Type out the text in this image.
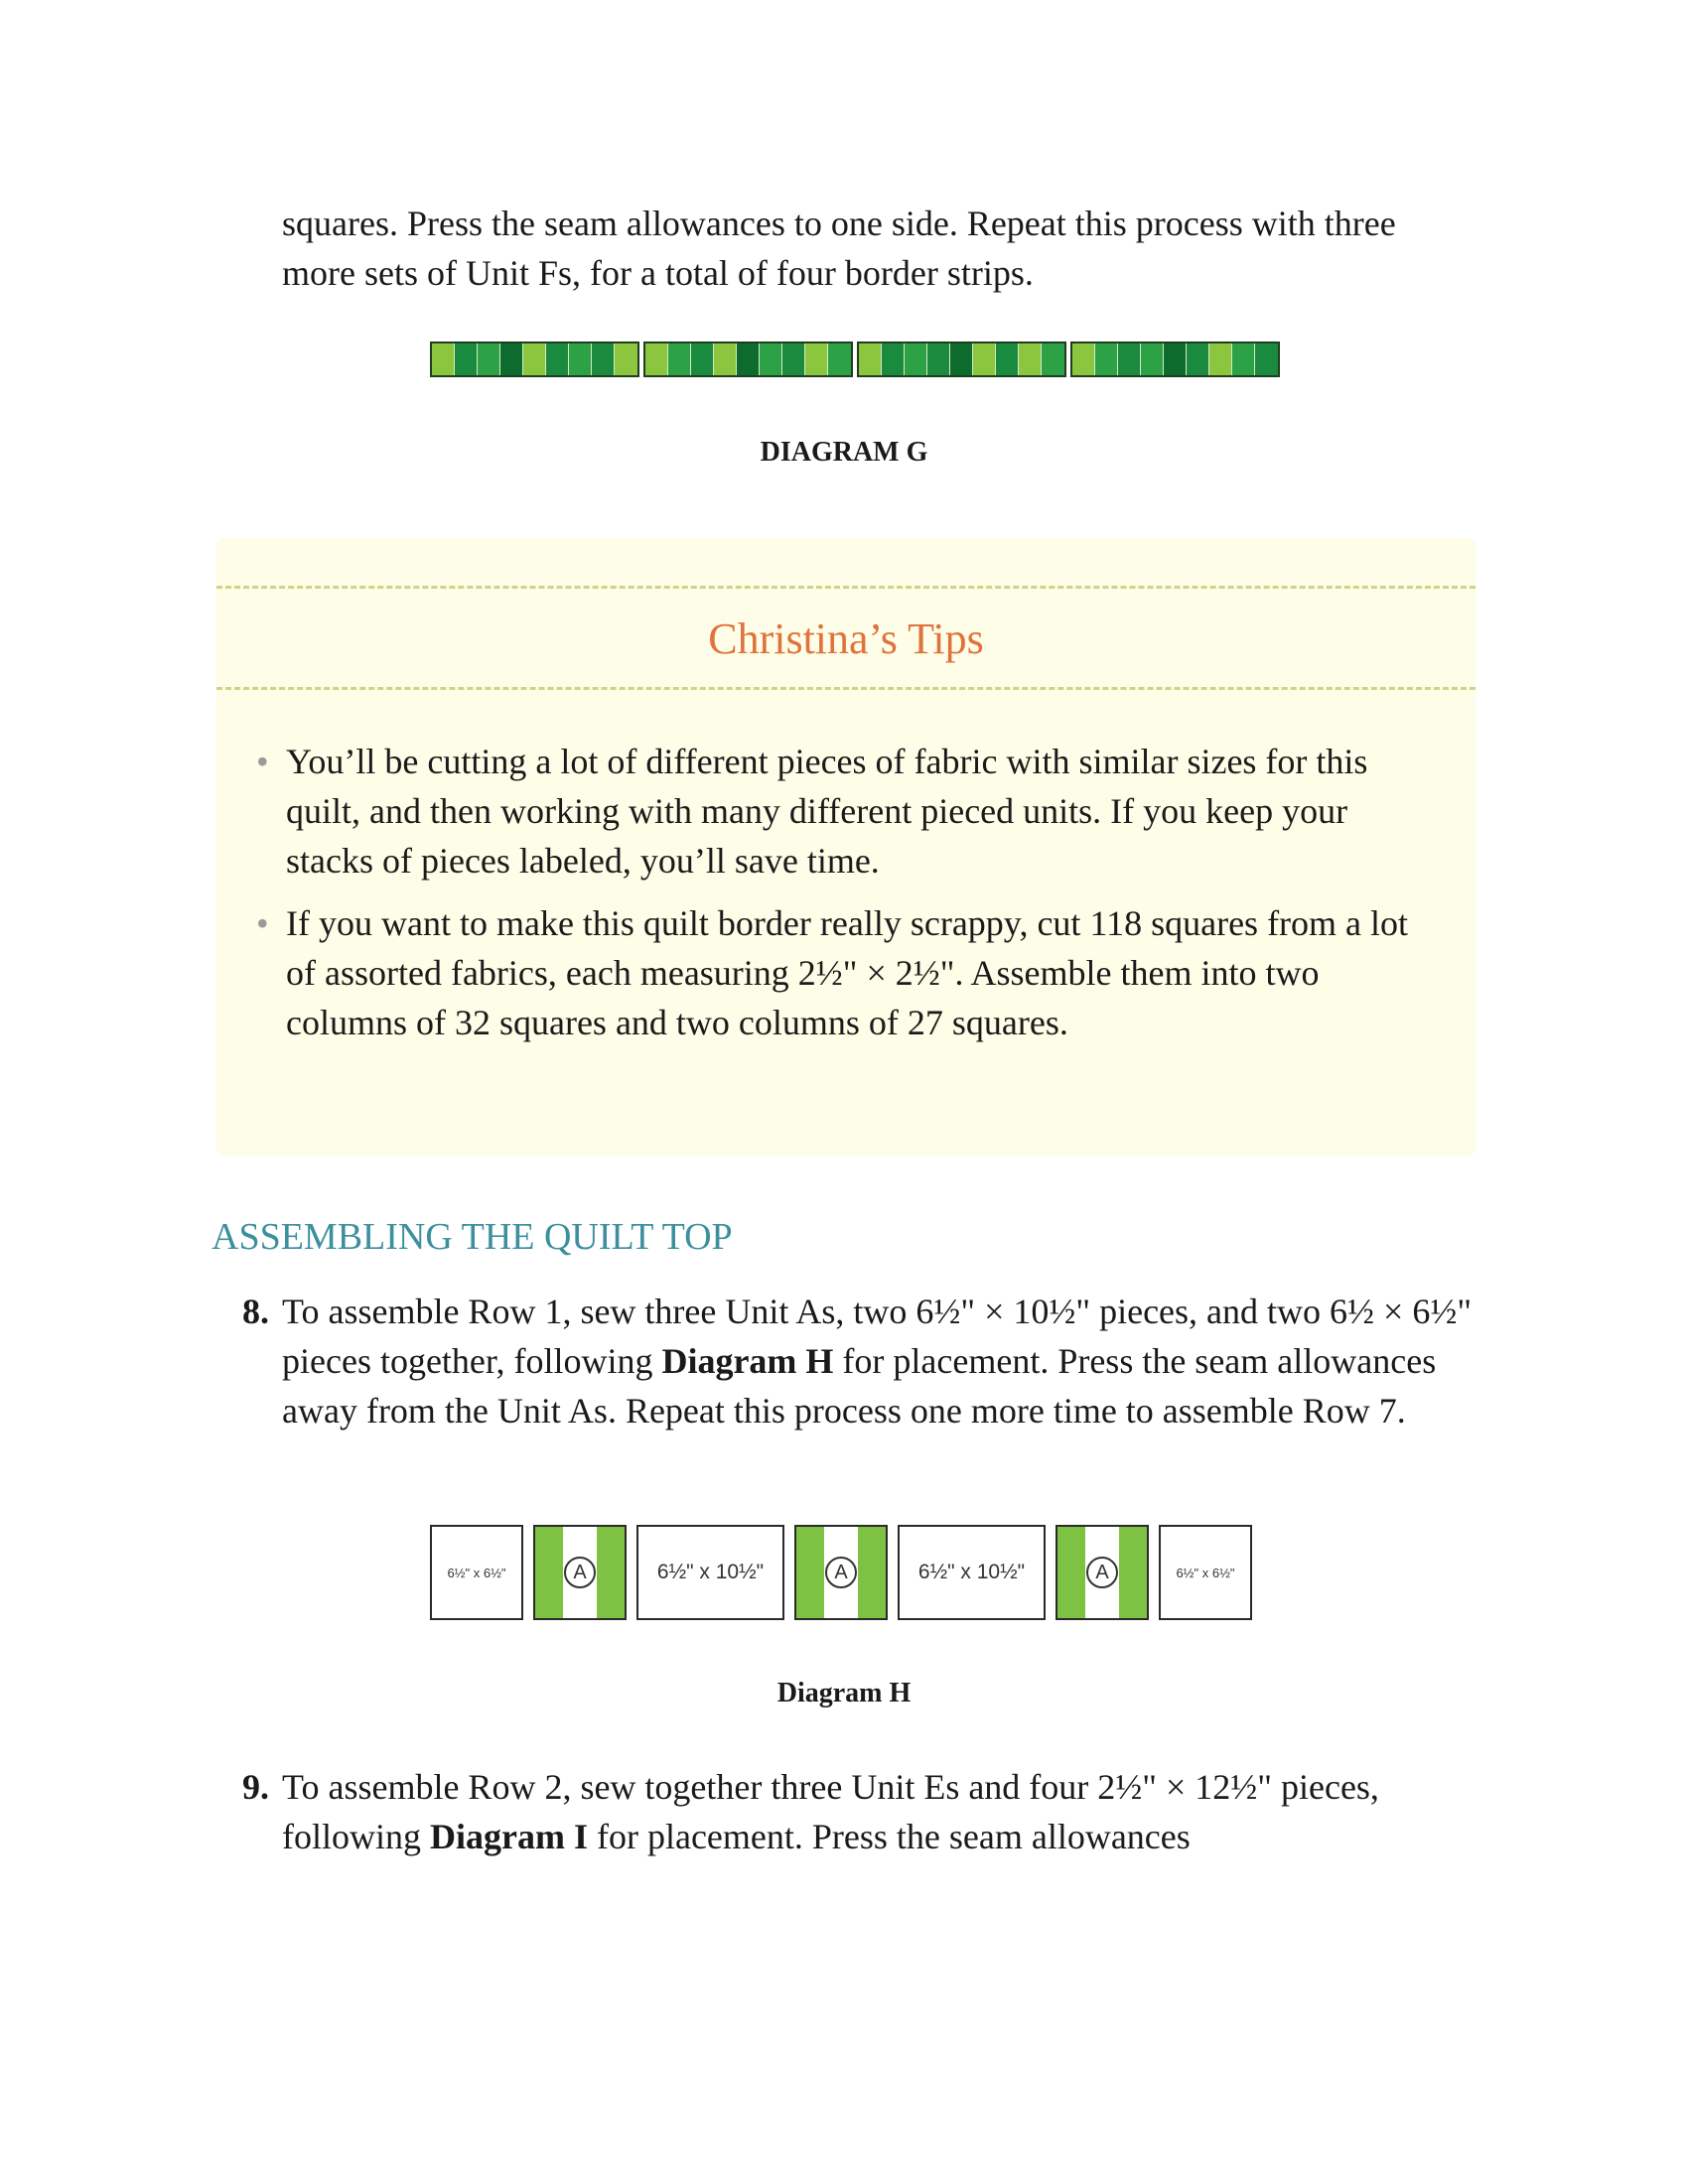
squares. Press the seam allowances to one side. Repeat this process with three more sets of Unit Fs, for a total of four border strips.

DIAGRAM G

Christina’s Tips
• You’ll be cutting a lot of different pieces of fabric with similar sizes for this quilt, and then working with many different pieced units. If you keep your stacks of pieces labeled, you’ll save time.
• If you want to make this quilt border really scrappy, cut 118 squares from a lot of assorted fabrics, each measuring 2½" × 2½". Assemble them into two columns of 32 squares and two columns of 27 squares.
ASSEMBLING THE QUILT TOP
8. To assemble Row 1, sew three Unit As, two 6½" × 10½" pieces, and two 6½ × 6½" pieces together, following Diagram H for placement. Press the seam allowances away from the Unit As. Repeat this process one more time to assemble Row 7.
6½" x 6½"	A	6½" x 10½"	A	6½" x 10½"	A	6½" x 6½"

Diagram H

9. To assemble Row 2, sew together three Unit Es and four 2½" × 12½" pieces, following Diagram I for placement. Press the seam allowances
